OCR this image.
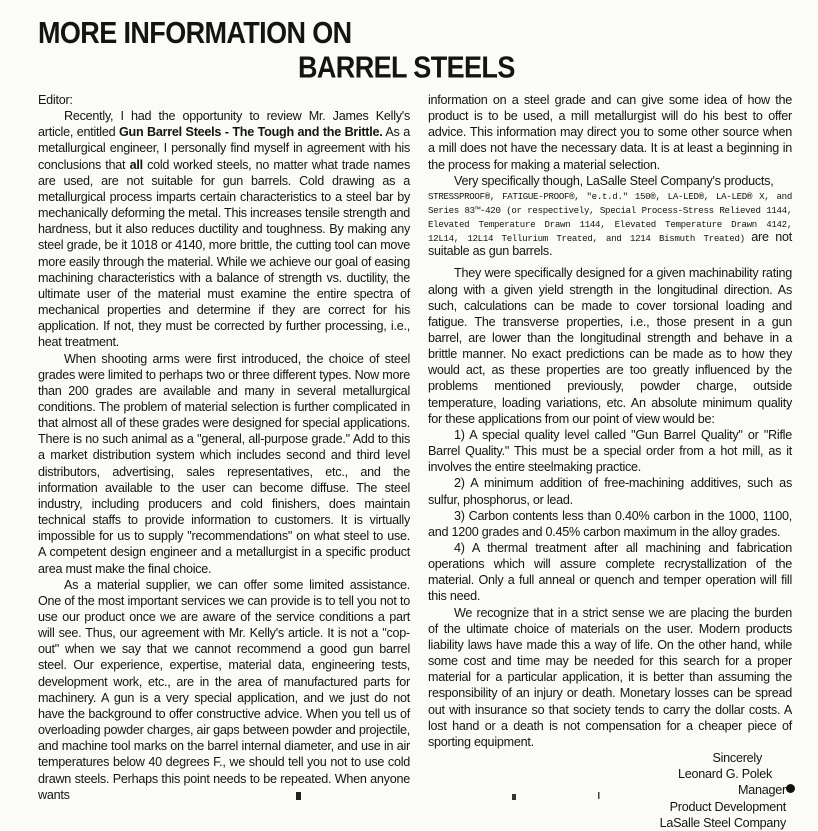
MORE INFORMATION ON
BARREL STEELS

Editor:

Recently, I had the opportunity to review Mr. James Kelly's article, entitled Gun Barrel Steels - The Tough and the Brittle. As a metallurgical engineer, I personally find myself in agreement with his conclusions that all cold worked steels, no matter what trade names are used, are not suitable for gun barrels. Cold drawing as a metallurgical process imparts certain characteristics to a steel bar by mechanically deforming the metal. This increases tensile strength and hardness, but it also reduces ductility and toughness. By making any steel grade, be it 1018 or 4140, more brittle, the cutting tool can move more easily through the material. While we achieve our goal of easing machining characteristics with a balance of strength vs. ductility, the ultimate user of the material must examine the entire spectra of mechanical properties and determine if they are correct for his application. If not, they must be corrected by further processing, i.e., heat treatment.

When shooting arms were first introduced, the choice of steel grades were limited to perhaps two or three different types. Now more than 200 grades are available and many in several metallurgical conditions. The problem of material selection is further complicated in that almost all of these grades were designed for special applications. There is no such animal as a "general, all-purpose grade." Add to this a market distribution system which includes second and third level distributors, advertising, sales representatives, etc., and the information available to the user can become diffuse. The steel industry, including producers and cold finishers, does maintain technical staffs to provide information to customers. It is virtually impossible for us to supply "recommendations" on what steel to use. A competent design engineer and a metallurgist in a specific product area must make the final choice.

As a material supplier, we can offer some limited assistance. One of the most important services we can provide is to tell you not to use our product once we are aware of the service conditions a part will see. Thus, our agreement with Mr. Kelly's article. It is not a "cop-out" when we say that we cannot recommend a good gun barrel steel. Our experience, expertise, material data, engineering tests, development work, etc., are in the area of manufactured parts for machinery. A gun is a very special application, and we just do not have the background to offer constructive advice. When you tell us of overloading powder charges, air gaps between powder and projectile, and machine tool marks on the barrel internal diameter, and use in air temperatures below 40 degrees F., we should tell you not to use cold drawn steels. Perhaps this point needs to be repeated. When anyone wants

information on a steel grade and can give some idea of how the product is to be used, a mill metallurgist will do his best to offer advice. This information may direct you to some other source when a mill does not have the necessary data. It is at least a beginning in the process for making a material selection.

Very specifically though, LaSalle Steel Company's products,

STRESSPROOF®, FATIGUE-PROOF®, "e.t.d." 150®, LA-LED®, LA-LED® X, and Series 83™-420 (or respectively, Special Process-Stress Relieved 1144, Elevated Temperature Drawn 1144, Elevated Temperature Drawn 4142, 12L14, 12L14 Tellurium Treated, and 1214 Bismuth Treated) are not suitable as gun barrels.

They were specifically designed for a given machinability rating along with a given yield strength in the longitudinal direction. As such, calculations can be made to cover torsional loading and fatigue. The transverse properties, i.e., those present in a gun barrel, are lower than the longitudinal strength and behave in a brittle manner. No exact predictions can be made as to how they would act, as these properties are too greatly influenced by the problems mentioned previously, powder charge, outside temperature, loading variations, etc. An absolute minimum quality for these applications from our point of view would be:

1) A special quality level called "Gun Barrel Quality" or "Rifle Barrel Quality." This must be a special order from a hot mill, as it involves the entire steelmaking practice.

2) A minimum addition of free-machining additives, such as sulfur, phosphorus, or lead.

3) Carbon contents less than 0.40% carbon in the 1000, 1100, and 1200 grades and 0.45% carbon maximum in the alloy grades.

4) A thermal treatment after all machining and fabrication operations which will assure complete recrystallization of the material. Only a full anneal or quench and temper operation will fill this need.

We recognize that in a strict sense we are placing the burden of the ultimate choice of materials on the user. Modern products liability laws have made this a way of life. On the other hand, while some cost and time may be needed for this search for a proper material for a particular application, it is better than assuming the responsibility of an injury or death. Monetary losses can be spread out with insurance so that society tends to carry the dollar costs. A lost hand or a death is not compensation for a cheaper piece of sporting equipment.

Sincerely
Leonard G. Polek
Manager
Product Development
LaSalle Steel Company
